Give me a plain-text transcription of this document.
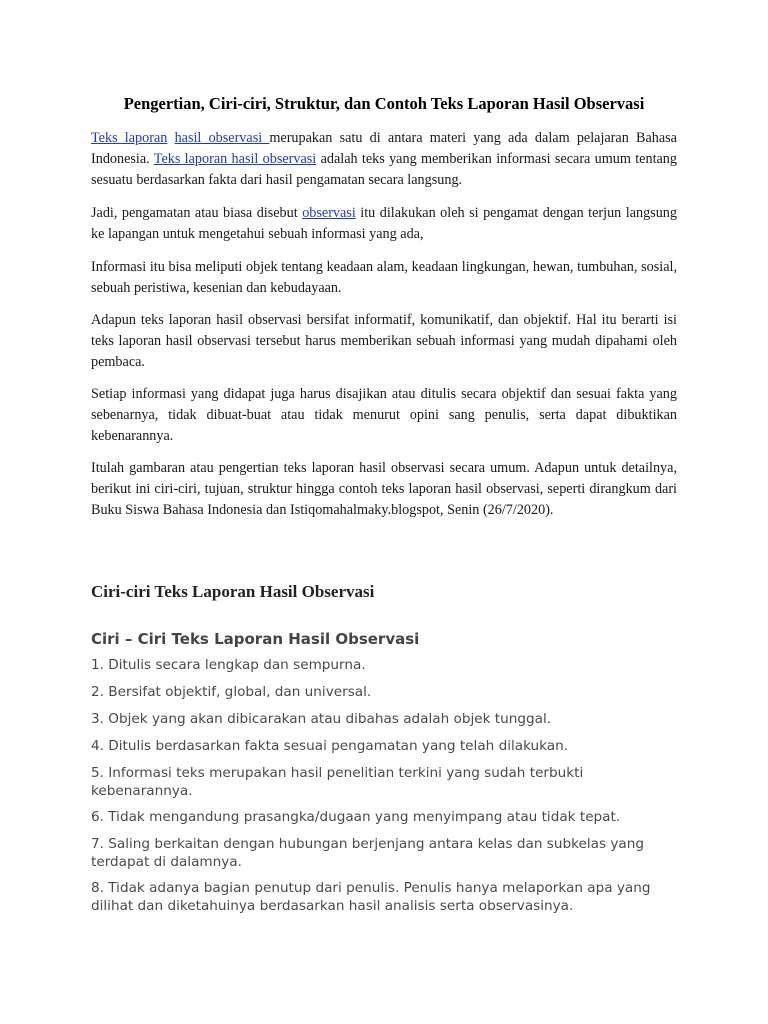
Pengertian, Ciri-ciri, Struktur, dan Contoh Teks Laporan Hasil Observasi

Teks laporan hasil observasi merupakan satu di antara materi yang ada dalam pelajaran Bahasa Indonesia. Teks laporan hasil observasi adalah teks yang memberikan informasi secara umum tentang sesuatu berdasarkan fakta dari hasil pengamatan secara langsung.

Jadi, pengamatan atau biasa disebut observasi itu dilakukan oleh si pengamat dengan terjun langsung ke lapangan untuk mengetahui sebuah informasi yang ada,

Informasi itu bisa meliputi objek tentang keadaan alam, keadaan lingkungan, hewan, tumbuhan, sosial, sebuah peristiwa, kesenian dan kebudayaan.

Adapun teks laporan hasil observasi bersifat informatif, komunikatif, dan objektif. Hal itu berarti isi teks laporan hasil observasi tersebut harus memberikan sebuah informasi yang mudah dipahami oleh pembaca.

Setiap informasi yang didapat juga harus disajikan atau ditulis secara objektif dan sesuai fakta yang sebenarnya, tidak dibuat-buat atau tidak menurut opini sang penulis, serta dapat dibuktikan kebenarannya.

Itulah gambaran atau pengertian teks laporan hasil observasi secara umum. Adapun untuk detailnya, berikut ini ciri-ciri, tujuan, struktur hingga contoh teks laporan hasil observasi, seperti dirangkum dari Buku Siswa Bahasa Indonesia dan Istiqomahalmaky.blogspot, Senin (26/7/2020).

Ciri-ciri Teks Laporan Hasil Observasi
Ciri – Ciri Teks Laporan Hasil Observasi

1. Ditulis secara lengkap dan sempurna.

2. Bersifat objektif, global, dan universal.

3. Objek yang akan dibicarakan atau dibahas adalah objek tunggal.

4. Ditulis berdasarkan fakta sesuai pengamatan yang telah dilakukan.

5. Informasi teks merupakan hasil penelitian terkini yang sudah terbukti kebenarannya.

6. Tidak mengandung prasangka/dugaan yang menyimpang atau tidak tepat.

7. Saling berkaitan dengan hubungan berjenjang antara kelas dan subkelas yang terdapat di dalamnya.

8. Tidak adanya bagian penutup dari penulis. Penulis hanya melaporkan apa yang dilihat dan diketahuinya berdasarkan hasil analisis serta observasinya.
